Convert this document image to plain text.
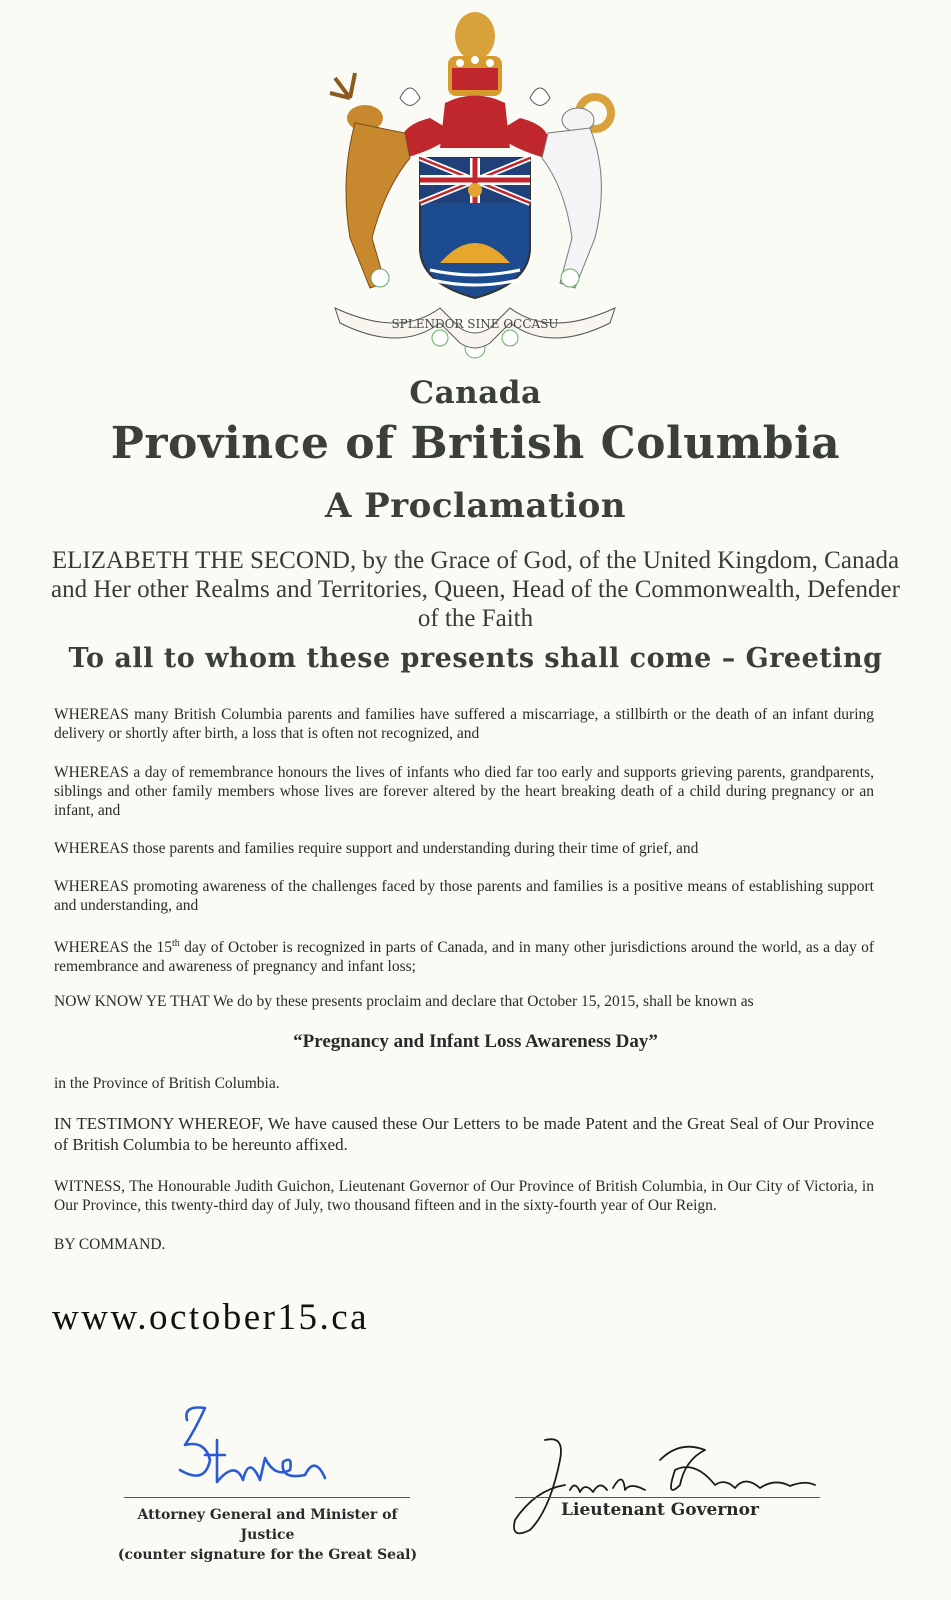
SPLENDOR SINE OCCASU
Canada
Province of British Columbia
A Proclamation
ELIZABETH THE SECOND, by the Grace of God, of the United Kingdom, Canada and Her other Realms and Territories, Queen, Head of the Commonwealth, Defender of the Faith
To all to whom these presents shall come – Greeting
WHEREAS many British Columbia parents and families have suffered a miscarriage, a stillbirth or the death of an infant during delivery or shortly after birth, a loss that is often not recognized, and
WHEREAS a day of remembrance honours the lives of infants who died far too early and supports grieving parents, grandparents, siblings and other family members whose lives are forever altered by the heart breaking death of a child during pregnancy or an infant, and
WHEREAS those parents and families require support and understanding during their time of grief, and
WHEREAS promoting awareness of the challenges faced by those parents and families is a positive means of establishing support and understanding, and
WHEREAS the 15th day of October is recognized in parts of Canada, and in many other jurisdictions around the world, as a day of remembrance and awareness of pregnancy and infant loss;
NOW KNOW YE THAT We do by these presents proclaim and declare that October 15, 2015, shall be known as
“Pregnancy and Infant Loss Awareness Day”
in the Province of British Columbia.
IN TESTIMONY WHEREOF, We have caused these Our Letters to be made Patent and the Great Seal of Our Province of British Columbia to be hereunto affixed.
WITNESS, The Honourable Judith Guichon, Lieutenant Governor of Our Province of British Columbia, in Our City of Victoria, in Our Province, this twenty-third day of July, two thousand fifteen and in the sixty-fourth year of Our Reign.
BY COMMAND.
www.october15.ca
Attorney General and Minister of Justice
(counter signature for the Great Seal)
Lieutenant Governor
